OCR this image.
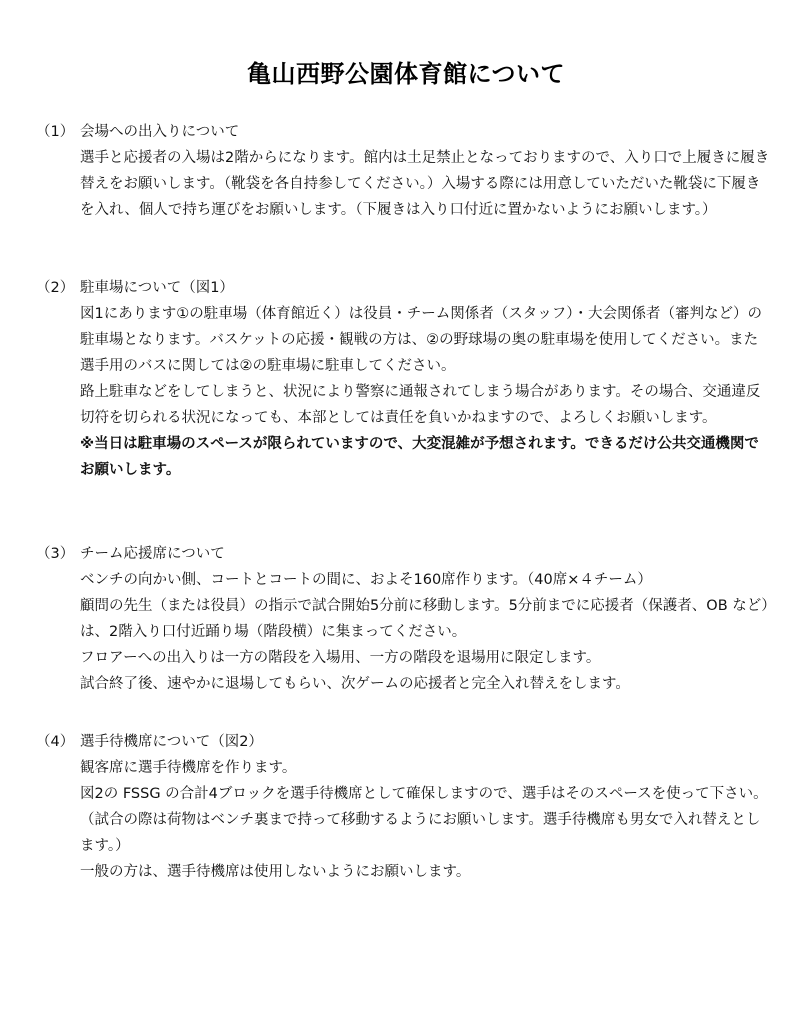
亀山西野公園体育館について
（1） 会場への出入りについて

選手と応援者の入場は2階からになります。館内は土足禁止となっておりますので、入り口で上履きに履き替えをお願いします。（靴袋を各自持参してください。）入場する際には用意していただいた靴袋に下履きを入れ、個人で持ち運びをお願いします。（下履きは入り口付近に置かないようにお願いします。）

（2） 駐車場について（図1）

図1にあります①の駐車場（体育館近く）は役員・チーム関係者（スタッフ）・大会関係者（審判など）の駐車場となります。バスケットの応援・観戦の方は、②の野球場の奥の駐車場を使用してください。また選手用のバスに関しては②の駐車場に駐車してください。

路上駐車などをしてしまうと、状況により警察に通報されてしまう場合があります。その場合、交通違反切符を切られる状況になっても、本部としては責任を負いかねますので、よろしくお願いします。

※当日は駐車場のスペースが限られていますので、大変混雑が予想されます。できるだけ公共交通機関でお願いします。

（3） チーム応援席について

ベンチの向かい側、コートとコートの間に、およそ160席作ります。（40席×４チーム）

顧問の先生（または役員）の指示で試合開始5分前に移動します。5分前までに応援者（保護者、OB など）は、2階入り口付近踊り場（階段横）に集まってください。

フロアーへの出入りは一方の階段を入場用、一方の階段を退場用に限定します。

試合終了後、速やかに退場してもらい、次ゲームの応援者と完全入れ替えをします。

（4） 選手待機席について（図2）

観客席に選手待機席を作ります。

図2の FSSG の合計4ブロックを選手待機席として確保しますので、選手はそのスペースを使って下さい。（試合の際は荷物はベンチ裏まで持って移動するようにお願いします。選手待機席も男女で入れ替えとします。）

一般の方は、選手待機席は使用しないようにお願いします。
